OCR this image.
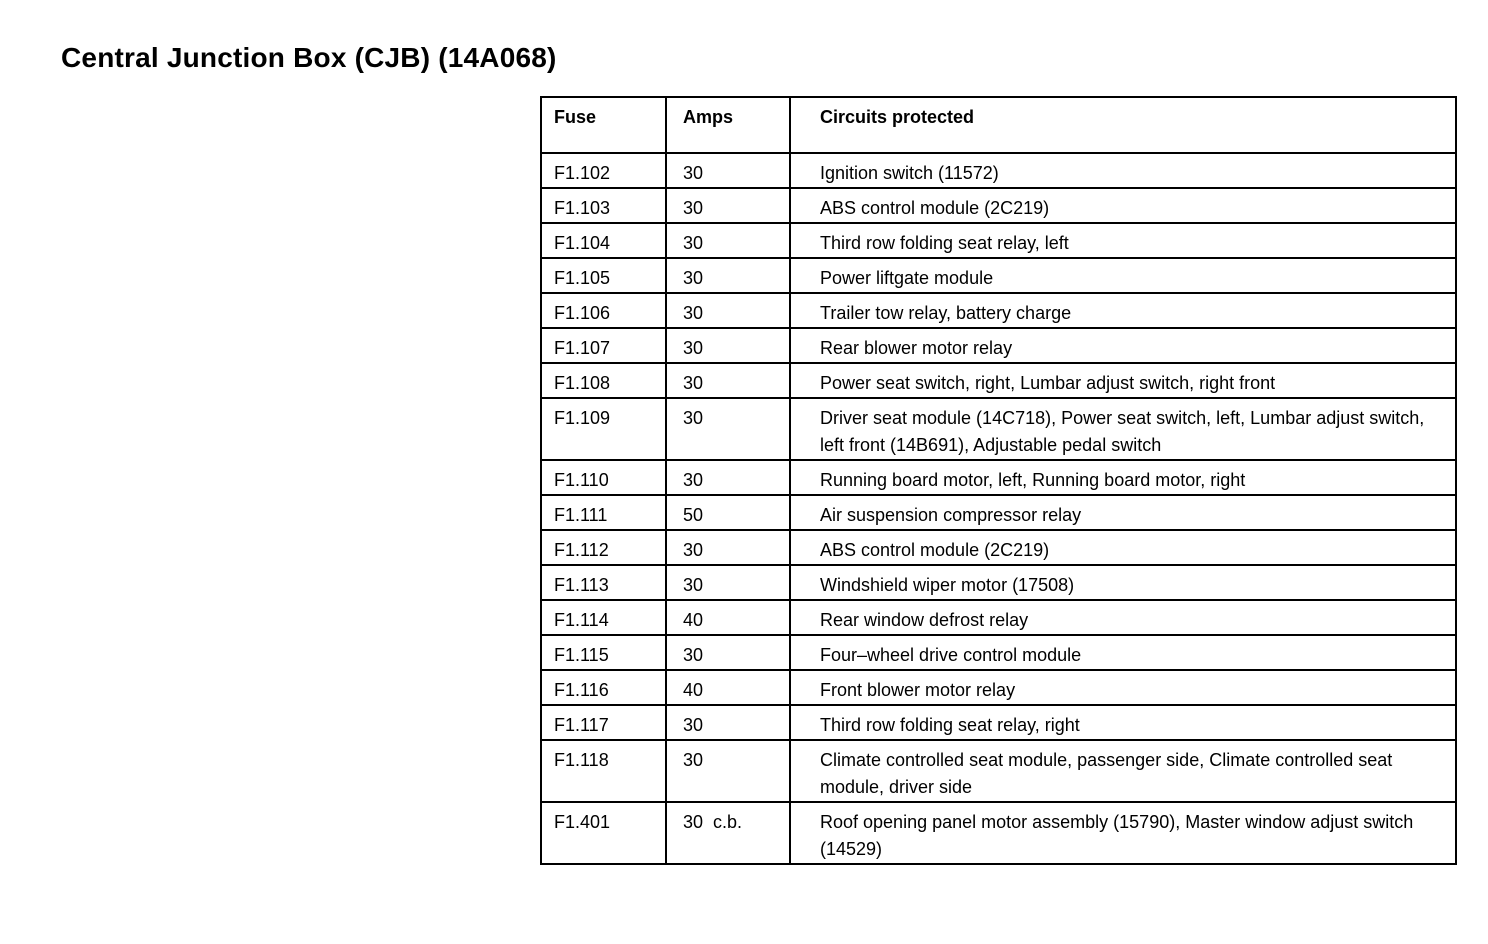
Central Junction Box (CJB) (14A068)
Fuse	Amps	Circuits protected
F1.102	30	Ignition switch (11572)
F1.103	30	ABS control module (2C219)
F1.104	30	Third row folding seat relay, left
F1.105	30	Power liftgate module
F1.106	30	Trailer tow relay, battery charge
F1.107	30	Rear blower motor relay
F1.108	30	Power seat switch, right, Lumbar adjust switch, right front
F1.109	30	Driver seat module (14C718), Power seat switch, left, Lumbar adjust switch, left front (14B691), Adjustable pedal switch
F1.110	30	Running board motor, left, Running board motor, right
F1.111	50	Air suspension compressor relay
F1.112	30	ABS control module (2C219)
F1.113	30	Windshield wiper motor (17508)
F1.114	40	Rear window defrost relay
F1.115	30	Four–wheel drive control module
F1.116	40	Front blower motor relay
F1.117	30	Third row folding seat relay, right
F1.118	30	Climate controlled seat module, passenger side, Climate controlled seat module, driver side
F1.401	30  c.b.	Roof opening panel motor assembly (15790), Master window adjust switch (14529)
